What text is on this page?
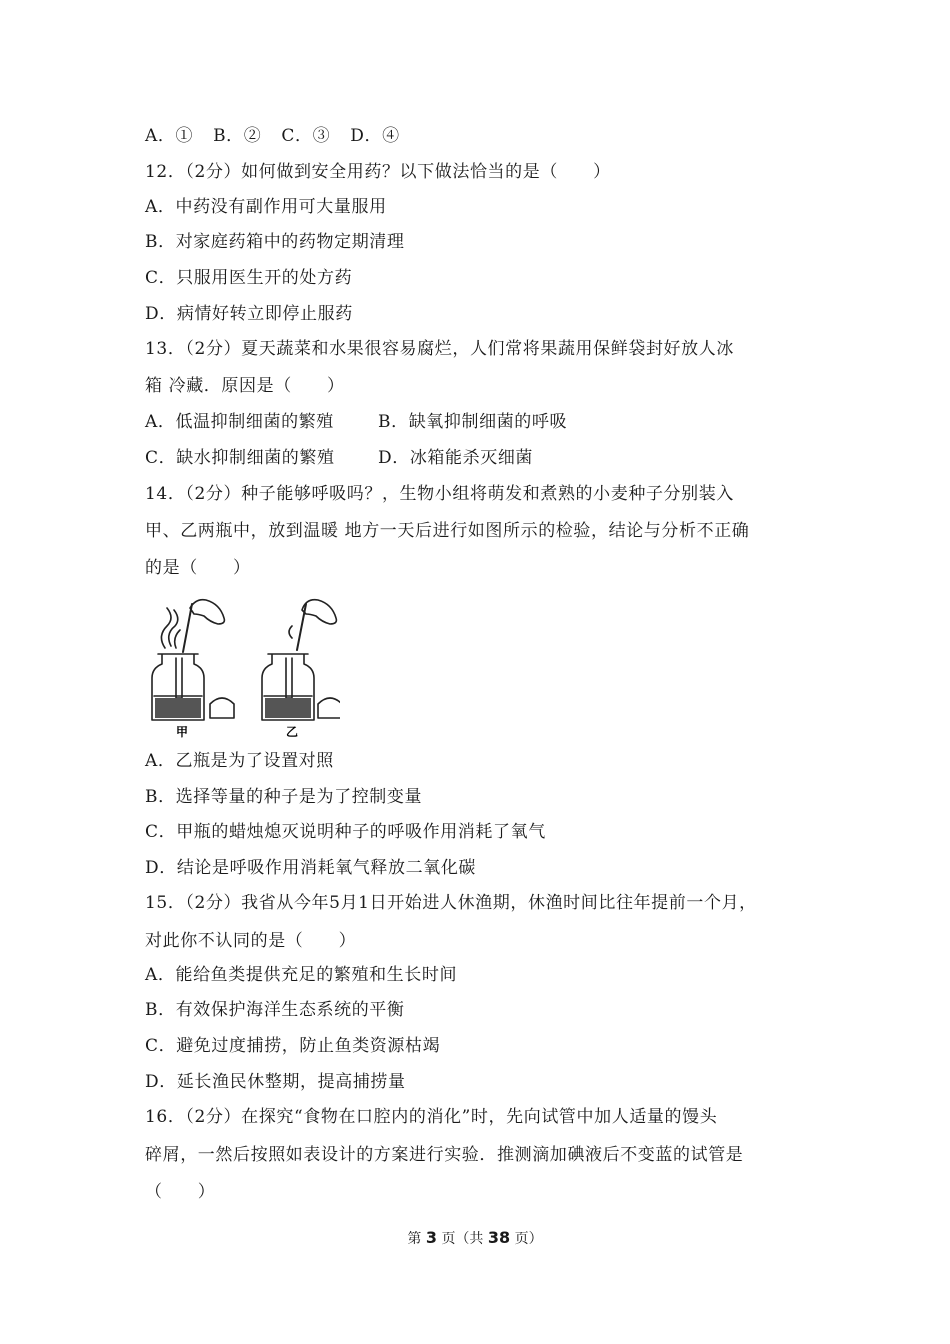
A．① B．② C．③ D．④
12．（2分）如何做到安全用药？以下做法恰当的是（　　）
A．中药没有副作用可大量服用
B．对家庭药箱中的药物定期清理
C．只服用医生开的处方药
D．病情好转立即停止服药
13．（2分）夏天蔬菜和水果很容易腐烂，人们常将果蔬用保鲜袋封好放人冰
箱 冷藏．原因是（　　）
A．低温抑制细菌的繁殖	B．缺氧抑制细菌的呼吸
C．缺水抑制细菌的繁殖	D．冰箱能杀灭细菌
14．（2分）种子能够呼吸吗？，生物小组将萌发和煮熟的小麦种子分别装入
甲、乙两瓶中，放到温暖 地方一天后进行如图所示的检验，结论与分析不正确
的是（　　）
甲	乙
A．乙瓶是为了设置对照
B．选择等量的种子是为了控制变量
C．甲瓶的蜡烛熄灭说明种子的呼吸作用消耗了氧气
D．结论是呼吸作用消耗氧气释放二氧化碳
15．（2分）我省从今年5月1日开始进人休渔期，休渔时间比往年提前一个月，
对此你不认同的是（　　）
A．能给鱼类提供充足的繁殖和生长时间
B．有效保护海洋生态系统的平衡
C．避免过度捕捞，防止鱼类资源枯竭
D．延长渔民休整期，提高捕捞量
16．（2分）在探究“食物在口腔内的消化”时，先向试管中加人适量的馒头
碎屑，一然后按照如表设计的方案进行实验．推测滴加碘液后不变蓝的试管是
（　　）
第 3 页（共 38 页）
